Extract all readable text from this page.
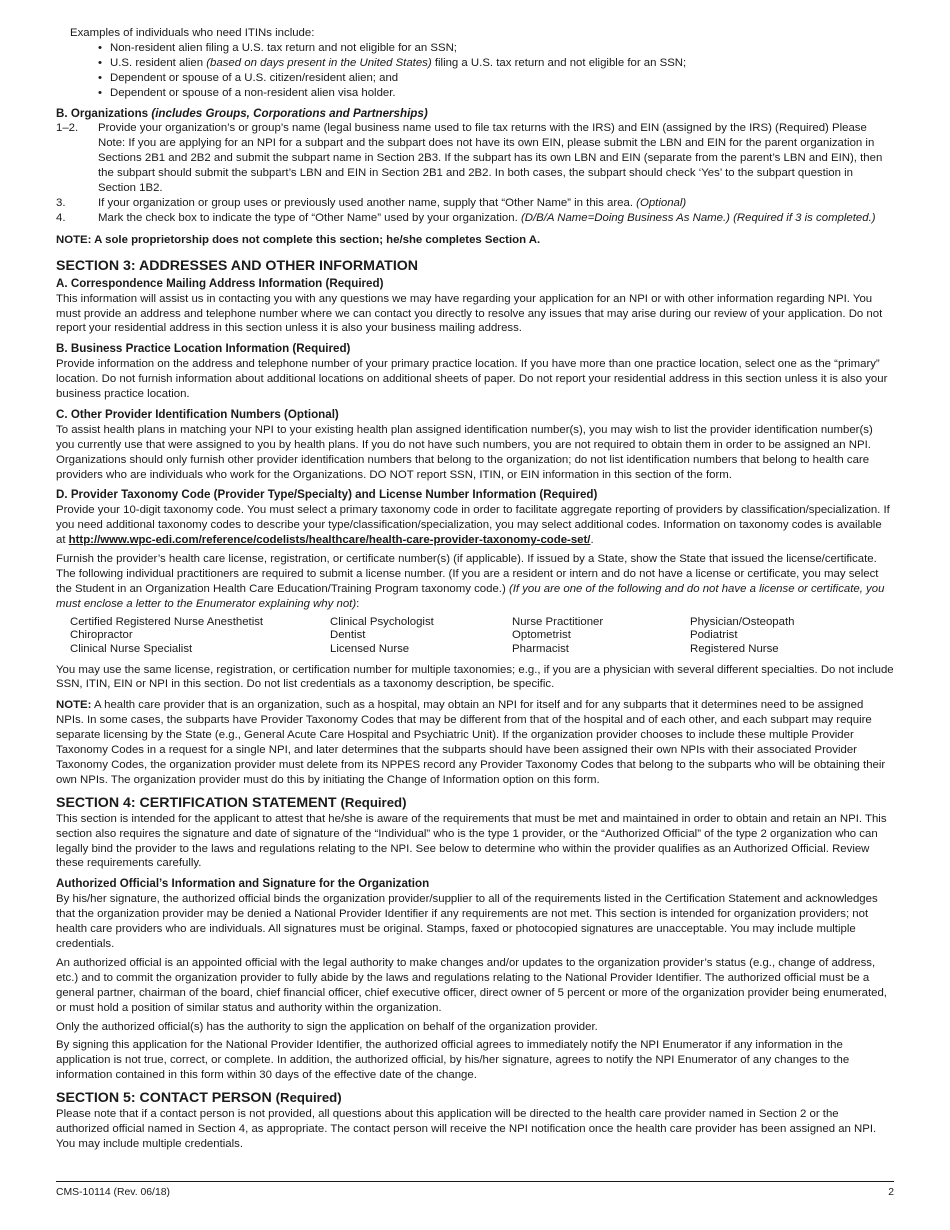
Examples of individuals who need ITINs include:

• Non-resident alien filing a U.S. tax return and not eligible for an SSN;
• U.S. resident alien (based on days present in the United States) filing a U.S. tax return and not eligible for an SSN;
• Dependent or spouse of a U.S. citizen/resident alien; and
• Dependent or spouse of a non-resident alien visa holder.

B. Organizations (includes Groups, Corporations and Partnerships)

1–2.	Provide your organization’s or group’s name (legal business name used to file tax returns with the IRS) and EIN (assigned by the IRS) (Required) Please Note: If you are applying for an NPI for a subpart and the subpart does not have its own EIN, please submit the LBN and EIN for the parent organization in Sections 2B1 and 2B2 and submit the subpart name in Section 2B3. If the subpart has its own LBN and EIN (separate from the parent’s LBN and EIN), then the subpart should submit the subpart’s LBN and EIN in Section 2B1 and 2B2. In both cases, the subpart should check ‘Yes’ to the subpart question in Section 1B2.
3.	If your organization or group uses or previously used another name, supply that “Other Name” in this area. (Optional)
4.	Mark the check box to indicate the type of “Other Name” used by your organization. (D/B/A Name=Doing Business As Name.) (Required if 3 is completed.)

NOTE: A sole proprietorship does not complete this section; he/she completes Section A.

SECTION 3: ADDRESSES AND OTHER INFORMATION

A. Correspondence Mailing Address Information (Required)

This information will assist us in contacting you with any questions we may have regarding your application for an NPI or with other information regarding NPI. You must provide an address and telephone number where we can contact you directly to resolve any issues that may arise during our review of your application. Do not report your residential address in this section unless it is also your business mailing address.

B. Business Practice Location Information (Required)

Provide information on the address and telephone number of your primary practice location. If you have more than one practice location, select one as the “primary” location. Do not furnish information about additional locations on additional sheets of paper. Do not report your residential address in this section unless it is also your business practice location.

C. Other Provider Identification Numbers (Optional)

To assist health plans in matching your NPI to your existing health plan assigned identification number(s), you may wish to list the provider identification number(s) you currently use that were assigned to you by health plans. If you do not have such numbers, you are not required to obtain them in order to be assigned an NPI. Organizations should only furnish other provider identification numbers that belong to the organization; do not list identification numbers that belong to health care providers who are individuals who work for the Organizations. DO NOT report SSN, ITIN, or EIN information in this section of the form.

D. Provider Taxonomy Code (Provider Type/Specialty) and License Number Information (Required)

Provide your 10-digit taxonomy code. You must select a primary taxonomy code in order to facilitate aggregate reporting of providers by classification/specialization. If you need additional taxonomy codes to describe your type/classification/specialization, you may select additional codes. Information on taxonomy codes is available at http://www.wpc-edi.com/reference/codelists/healthcare/health-care-provider-taxonomy-code-set/.

Furnish the provider’s health care license, registration, or certificate number(s) (if applicable). If issued by a State, show the State that issued the license/certificate. The following individual practitioners are required to submit a license number. (If you are a resident or intern and do not have a license or certificate, you may select the Student in an Organization Health Care Education/Training Program taxonomy code.) (If you are one of the following and do not have a license or certificate, you must enclose a letter to the Enumerator explaining why not):

Certified Registered Nurse Anesthetist	Clinical Psychologist	Nurse Practitioner	Physician/Osteopath
Chiropractor	Dentist	Optometrist	Podiatrist
Clinical Nurse Specialist	Licensed Nurse	Pharmacist	Registered Nurse

You may use the same license, registration, or certification number for multiple taxonomies; e.g., if you are a physician with several different specialties. Do not include SSN, ITIN, EIN or NPI in this section. Do not list credentials as a taxonomy description, be specific.

NOTE: A health care provider that is an organization, such as a hospital, may obtain an NPI for itself and for any subparts that it determines need to be assigned NPIs. In some cases, the subparts have Provider Taxonomy Codes that may be different from that of the hospital and of each other, and each subpart may require separate licensing by the State (e.g., General Acute Care Hospital and Psychiatric Unit). If the organization provider chooses to include these multiple Provider Taxonomy Codes in a request for a single NPI, and later determines that the subparts should have been assigned their own NPIs with their associated Provider Taxonomy Codes, the organization provider must delete from its NPPES record any Provider Taxonomy Codes that belong to the subparts who will be obtaining their own NPIs. The organization provider must do this by initiating the Change of Information option on this form.

SECTION 4: CERTIFICATION STATEMENT (Required)

This section is intended for the applicant to attest that he/she is aware of the requirements that must be met and maintained in order to obtain and retain an NPI. This section also requires the signature and date of signature of the “Individual” who is the type 1 provider, or the “Authorized Official” of the type 2 organization who can legally bind the provider to the laws and regulations relating to the NPI. See below to determine who within the provider qualifies as an Authorized Official. Review these requirements carefully.

Authorized Official’s Information and Signature for the Organization

By his/her signature, the authorized official binds the organization provider/supplier to all of the requirements listed in the Certification Statement and acknowledges that the organization provider may be denied a National Provider Identifier if any requirements are not met. This section is intended for organization providers; not health care providers who are individuals. All signatures must be original. Stamps, faxed or photocopied signatures are unacceptable. You may include multiple credentials.

An authorized official is an appointed official with the legal authority to make changes and/or updates to the organization provider’s status (e.g., change of address, etc.) and to commit the organization provider to fully abide by the laws and regulations relating to the National Provider Identifier. The authorized official must be a general partner, chairman of the board, chief financial officer, chief executive officer, direct owner of 5 percent or more of the organization provider being enumerated, or must hold a position of similar status and authority within the organization.

Only the authorized official(s) has the authority to sign the application on behalf of the organization provider.

By signing this application for the National Provider Identifier, the authorized official agrees to immediately notify the NPI Enumerator if any information in the application is not true, correct, or complete. In addition, the authorized official, by his/her signature, agrees to notify the NPI Enumerator of any changes to the information contained in this form within 30 days of the effective date of the change.

SECTION 5: CONTACT PERSON (Required)

Please note that if a contact person is not provided, all questions about this application will be directed to the health care provider named in Section 2 or the authorized official named in Section 4, as appropriate. The contact person will receive the NPI notification once the health care provider has been assigned an NPI. You may include multiple credentials.

CMS-10114 (Rev. 06/18)	2
